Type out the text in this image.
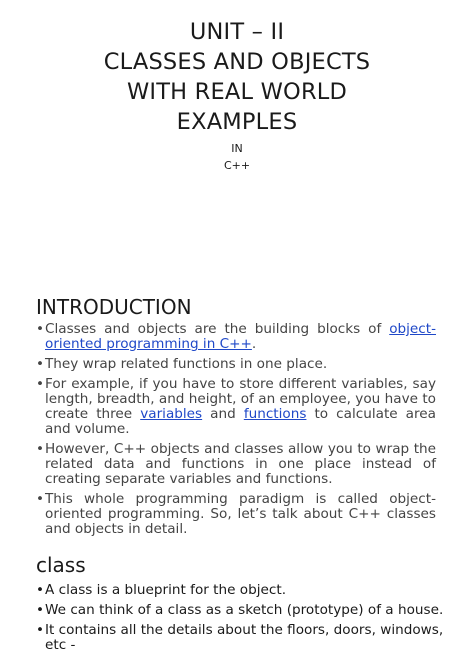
UNIT – II
CLASSES AND OBJECTS
WITH REAL WORLD
EXAMPLES
IN
C++
INTRODUCTION
• Classes and objects are the building blocks of object-oriented programming in C++.
• They wrap related functions in one place.
• For example, if you have to store different variables, say length, breadth, and height, of an employee, you have to create three variables and functions to calculate area and volume.
• However, C++ objects and classes allow you to wrap the related data and functions in one place instead of creating separate variables and functions.
• This whole programming paradigm is called object-oriented programming. So, let’s talk about C++ classes and objects in detail.
class
• A class is a blueprint for the object.
• We can think of a class as a sketch (prototype) of a house.
• It contains all the details about the floors, doors, windows, etc -
